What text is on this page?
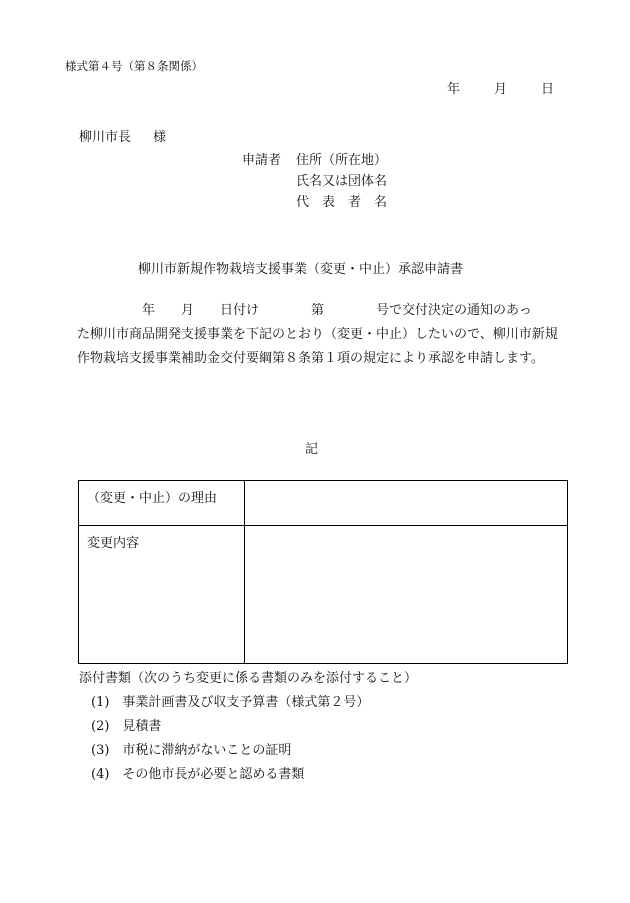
様式第４号（第８条関係）
年	月	日
柳川市長 様
申請者 住所（所在地）
氏名又は団体名
代　表　者　名
柳川市新規作物栽培支援事業（変更・中止）承認申請書
　　　　　年　　月　　日付け　　　　第　　　　号で交付決定の通知のあっ
た柳川市商品開発支援事業を下記のとおり（変更・中止）したいので、柳川市新規作物栽培支援事業補助金交付要綱第８条第１項の規定により承認を申請します。
記
（変更・中止）の理由	
変更内容	
添付書類（次のうち変更に係る書類のみを添付すること）
(1)　事業計画書及び収支予算書（様式第２号）
(2)　見積書
(3)　市税に滞納がないことの証明
(4)　その他市長が必要と認める書類
